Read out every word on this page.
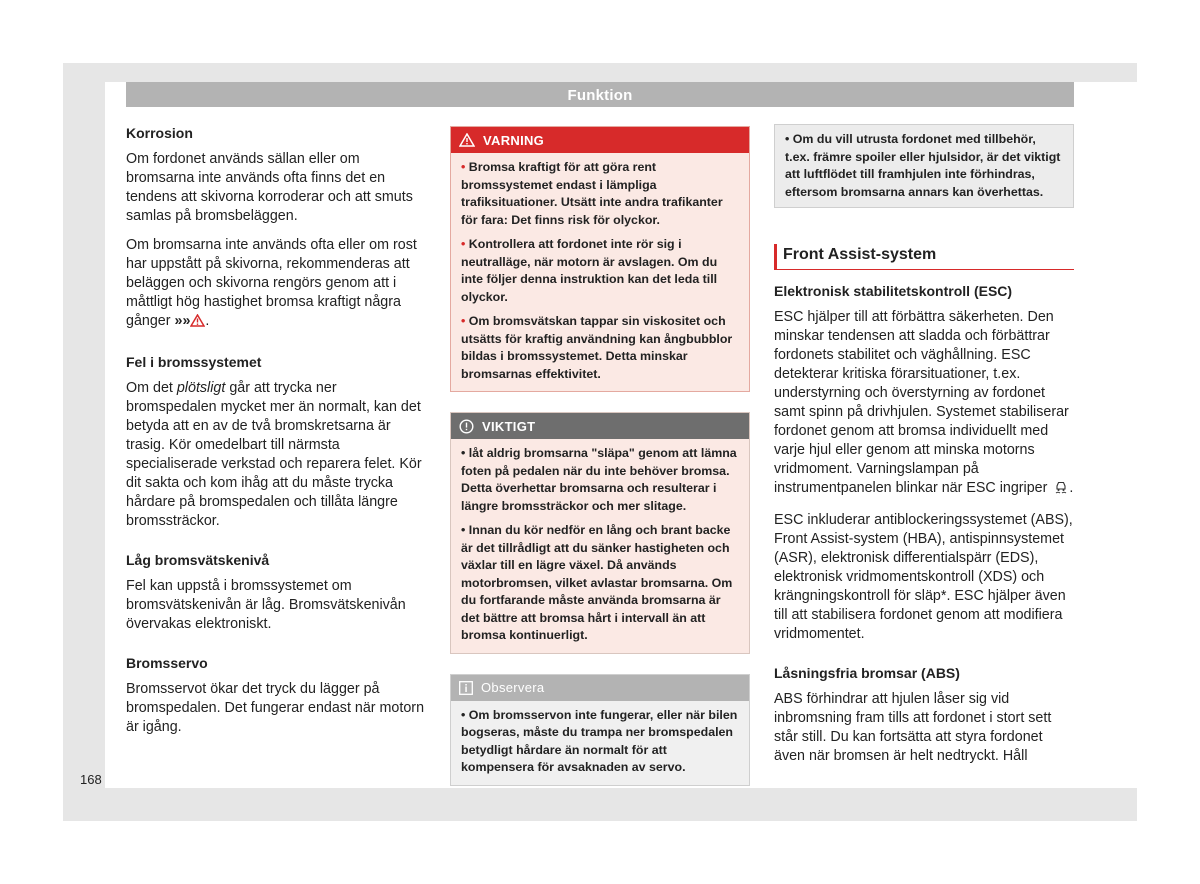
Funktion
Korrosion

Om fordonet används sällan eller om bromsarna inte används ofta finns det en tendens att skivorna korroderar och att smuts samlas på bromsbeläggen.

Om bromsarna inte används ofta eller om rost har uppstått på skivorna, rekommenderas att beläggen och skivorna rengörs genom att i måttligt hög hastighet bromsa kraftigt några gånger »» .

Fel i bromssystemet

Om det plötsligt går att trycka ner bromspedalen mycket mer än normalt, kan det betyda att en av de två bromskretsarna är trasig. Kör omedelbart till närmsta specialiserade verkstad och reparera felet. Kör dit sakta och kom ihåg att du måste trycka hårdare på bromspedalen och tillåta längre bromssträckor.

Låg bromsvätskenivå

Fel kan uppstå i bromssystemet om bromsvätskenivån är låg. Bromsvätskenivån övervakas elektroniskt.

Bromsservo

Bromsservot ökar det tryck du lägger på bromspedalen. Det fungerar endast när motorn är igång.

VARNING

• Bromsa kraftigt för att göra rent bromssystemet endast i lämpliga trafiksituationer. Utsätt inte andra trafikanter för fara: Det finns risk för olyckor.

• Kontrollera att fordonet inte rör sig i neutralläge, när motorn är avslagen. Om du inte följer denna instruktion kan det leda till olyckor.

• Om bromsvätskan tappar sin viskositet och utsätts för kraftig användning kan ångbubblor bildas i bromssystemet. Detta minskar bromsarnas effektivitet.

VIKTIGT

• låt aldrig bromsarna "släpa" genom att lämna foten på pedalen när du inte behöver bromsa. Detta överhettar bromsarna och resulterar i längre bromssträckor och mer slitage.

• Innan du kör nedför en lång och brant backe är det tillrådligt att du sänker hastigheten och växlar till en lägre växel. Då används motorbromsen, vilket avlastar bromsarna. Om du fortfarande måste använda bromsarna är det bättre att bromsa hårt i intervall än att bromsa kontinuerligt.

Observera

• Om bromsservon inte fungerar, eller när bilen bogseras, måste du trampa ner bromspedalen betydligt hårdare än normalt för att kompensera för avsaknaden av servo.

• Om du vill utrusta fordonet med tillbehör, t.ex. främre spoiler eller hjulsidor, är det viktigt att luftflödet till framhjulen inte förhindras, eftersom bromsarna annars kan överhettas.

Front Assist-system
Elektronisk stabilitetskontroll (ESC)

ESC hjälper till att förbättra säkerheten. Den minskar tendensen att sladda och förbättrar fordonets stabilitet och väghållning. ESC detekterar kritiska förarsituationer, t.ex. understyrning och överstyrning av fordonet samt spinn på drivhjulen. Systemet stabiliserar fordonet genom att bromsa individuellt med varje hjul eller genom att minska motorns vridmoment. Varningslampan på instrumentpanelen blinkar när ESC ingriper .

ESC inkluderar antiblockeringssystemet (ABS), Front Assist-system (HBA), antispinnsystemet (ASR), elektronisk differentialspärr (EDS), elektronisk vridmomentskontroll (XDS) och krängningskontroll för släp*. ESC hjälper även till att stabilisera fordonet genom att modifiera vridmomentet.

Låsningsfria bromsar (ABS)

ABS förhindrar att hjulen låser sig vid inbromsning fram tills att fordonet i stort sett står still. Du kan fortsätta att styra fordonet även när bromsen är helt nedtryckt. Håll

168
